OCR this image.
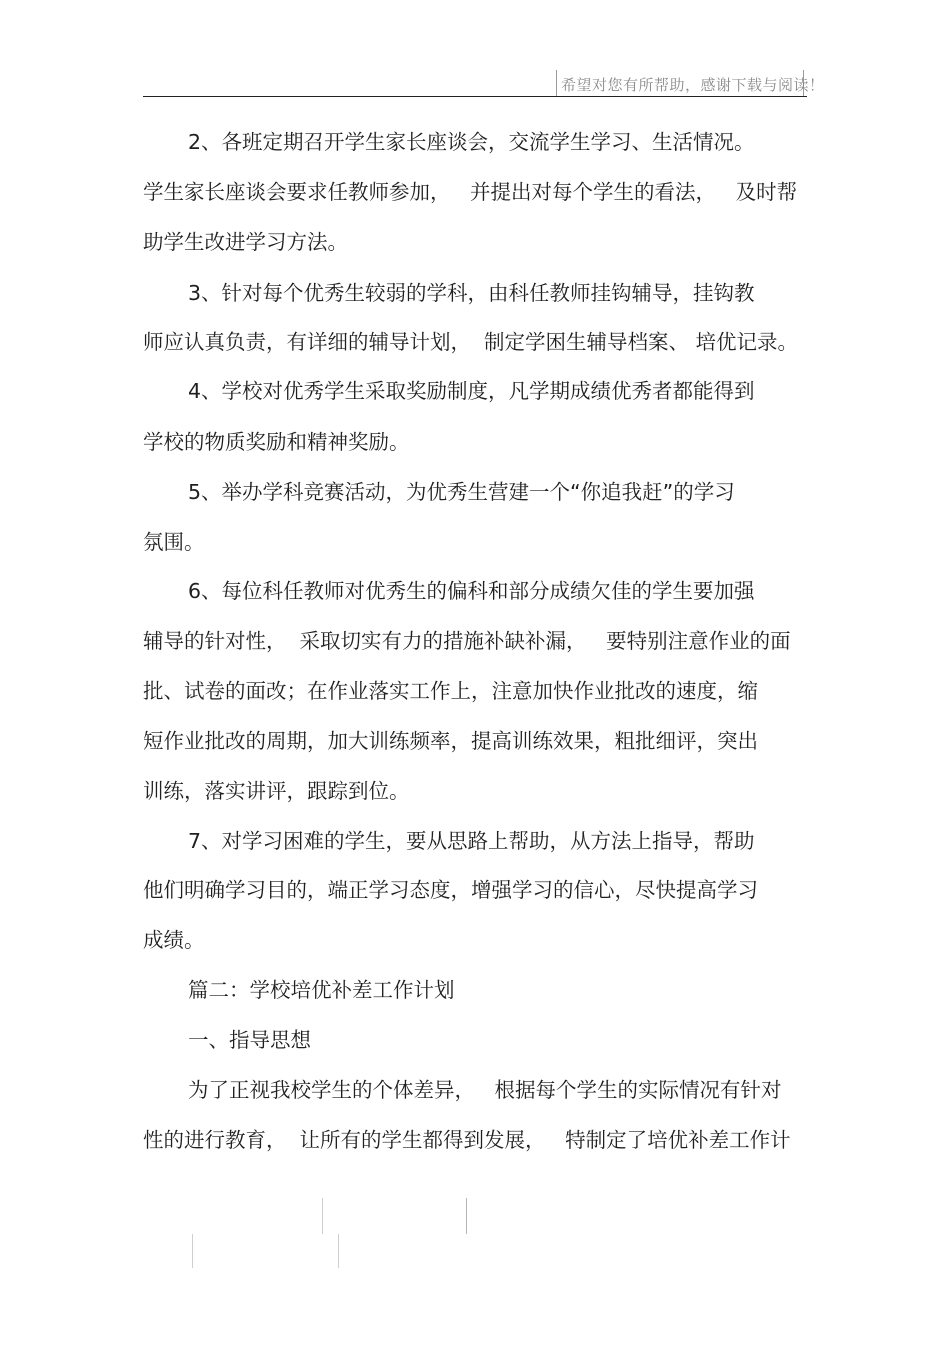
希望对您有所帮助，感谢下载与阅读！
2、各班定期召开学生家长座谈会，交流学生学习、生活情况。
学生家长座谈会要求任教师参加，   并提出对每个学生的看法，   及时帮
助学生改进学习方法。
3、针对每个优秀生较弱的学科，由科任教师挂钩辅导，挂钩教
师应认真负责，有详细的辅导计划，  制定学困生辅导档案、 培优记录。
4、学校对优秀学生采取奖励制度，凡学期成绩优秀者都能得到
学校的物质奖励和精神奖励。
5、举办学科竞赛活动，为优秀生营建一个“你追我赶”的学习
氛围。
6、每位科任教师对优秀生的偏科和部分成绩欠佳的学生要加强
辅导的针对性，  采取切实有力的措施补缺补漏，   要特别注意作业的面
批、试卷的面改；在作业落实工作上，注意加快作业批改的速度，缩
短作业批改的周期，加大训练频率，提高训练效果，粗批细评，突出
训练，落实讲评，跟踪到位。
7、对学习困难的学生，要从思路上帮助，从方法上指导，帮助
他们明确学习目的，端正学习态度，增强学习的信心，尽快提高学习
成绩。
篇二：学校培优补差工作计划
一、指导思想
为了正视我校学生的个体差异，   根据每个学生的实际情况有针对
性的进行教育，  让所有的学生都得到发展，   特制定了培优补差工作计
